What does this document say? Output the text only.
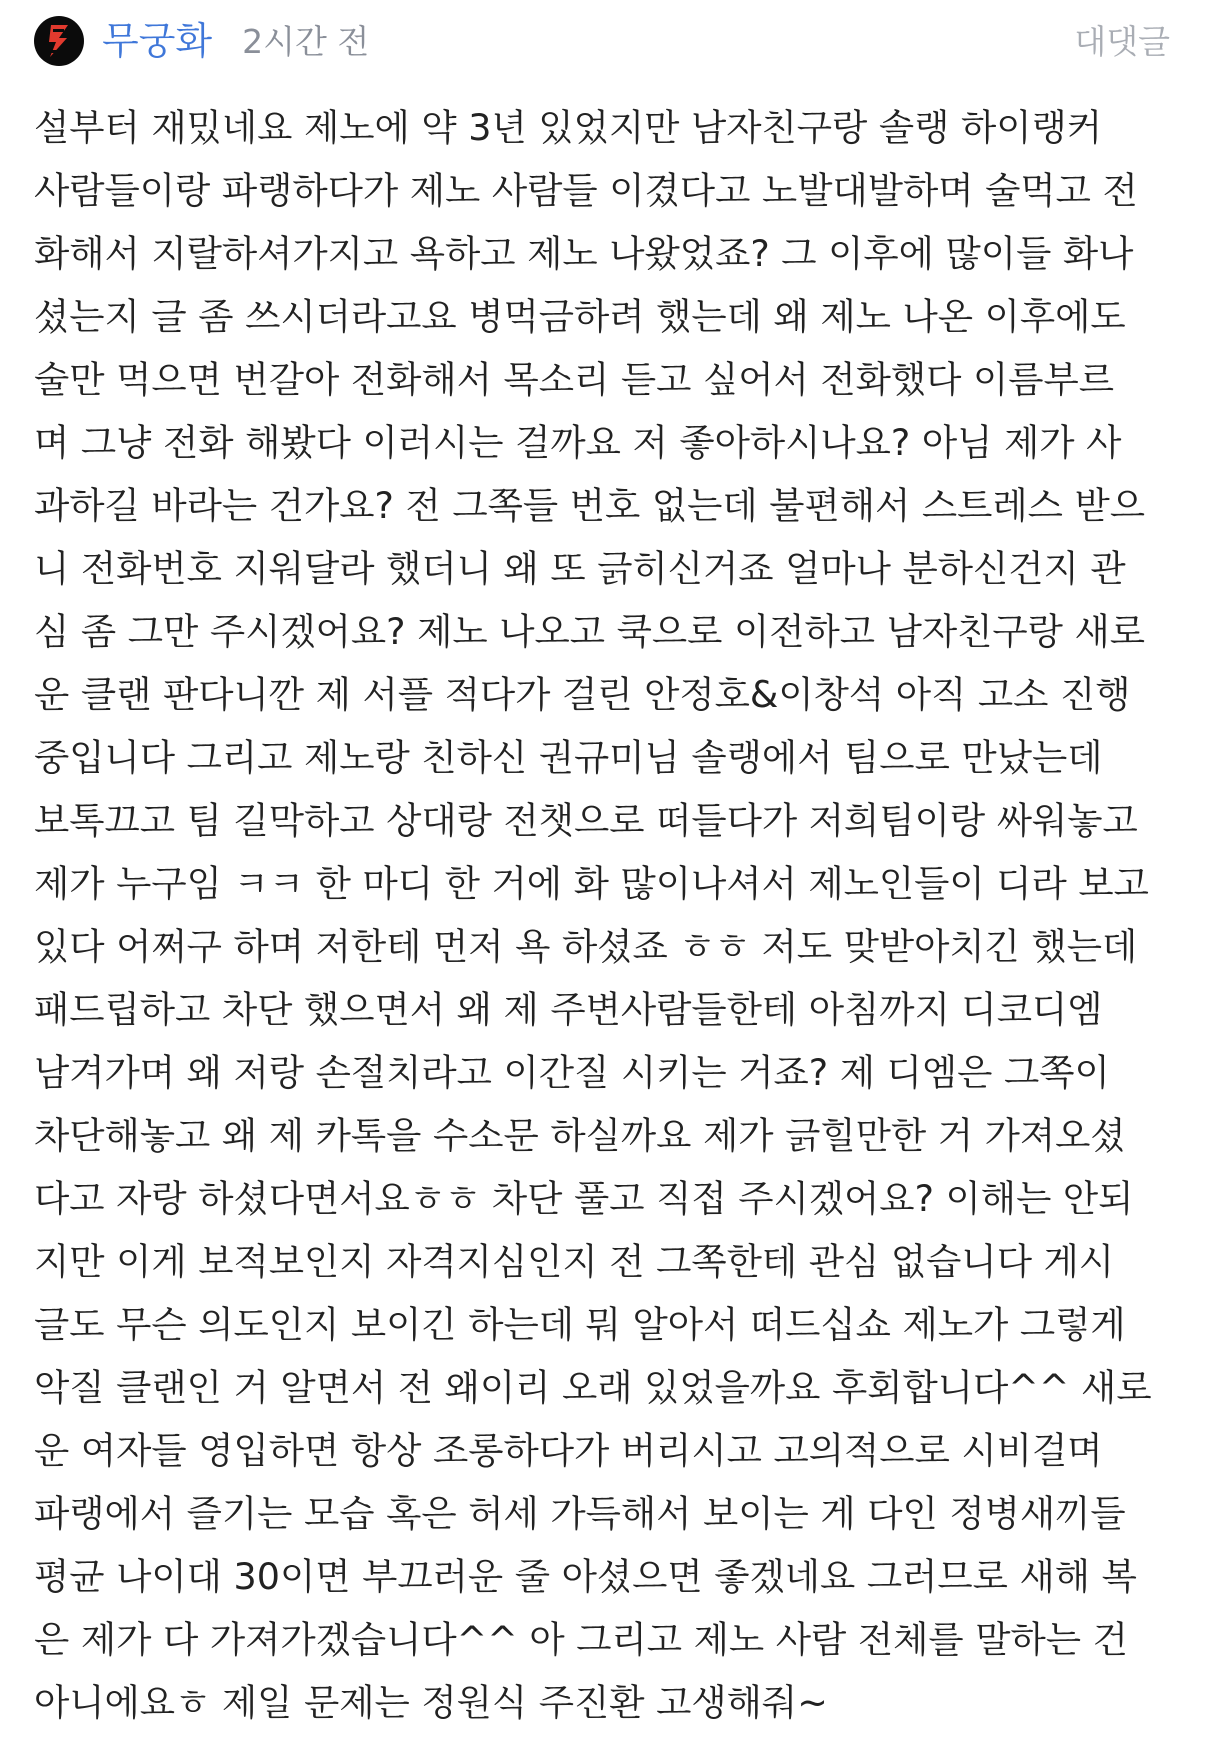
무궁화 2시간 전	대댓글

설부터 재밌네요 제노에 약 3년 있었지만 남자친구랑 솔랭 하이랭커
사람들이랑 파랭하다가 제노 사람들 이겼다고 노발대발하며 술먹고 전
화해서 지랄하셔가지고 욕하고 제노 나왔었죠? 그 이후에 많이들 화나
셨는지 글 좀 쓰시더라고요 병먹금하려 했는데 왜 제노 나온 이후에도
술만 먹으면 번갈아 전화해서 목소리 듣고 싶어서 전화했다 이름부르
며 그냥 전화 해봤다 이러시는 걸까요 저 좋아하시나요? 아님 제가 사
과하길 바라는 건가요? 전 그쪽들 번호 없는데 불편해서 스트레스 받으
니 전화번호 지워달라 했더니 왜 또 긁히신거죠 얼마나 분하신건지 관
심 좀 그만 주시겠어요? 제노 나오고 쿡으로 이전하고 남자친구랑 새로
운 클랜 판다니깐 제 서플 적다가 걸린 안정호&이창석 아직 고소 진행
중입니다 그리고 제노랑 친하신 권규미님 솔랭에서 팀으로 만났는데
보톡끄고 팀 길막하고 상대랑 전챗으로 떠들다가 저희팀이랑 싸워놓고
제가 누구임 ㅋㅋ 한 마디 한 거에 화 많이나셔서 제노인들이 디라 보고
있다 어쩌구 하며 저한테 먼저 욕 하셨죠 ㅎㅎ 저도 맞받아치긴 했는데
패드립하고 차단 했으면서 왜 제 주변사람들한테 아침까지 디코디엠
남겨가며 왜 저랑 손절치라고 이간질 시키는 거죠? 제 디엠은 그쪽이
차단해놓고 왜 제 카톡을 수소문 하실까요 제가 긁힐만한 거 가져오셨
다고 자랑 하셨다면서요ㅎㅎ 차단 풀고 직접 주시겠어요? 이해는 안되
지만 이게 보적보인지 자격지심인지 전 그쪽한테 관심 없습니다 게시
글도 무슨 의도인지 보이긴 하는데 뭐 알아서 떠드십쇼 제노가 그렇게
악질 클랜인 거 알면서 전 왜이리 오래 있었을까요 후회합니다^^ 새로
운 여자들 영입하면 항상 조롱하다가 버리시고 고의적으로 시비걸며
파랭에서 즐기는 모습 혹은 허세 가득해서 보이는 게 다인 정병새끼들
평균 나이대 30이면 부끄러운 줄 아셨으면 좋겠네요 그러므로 새해 복
은 제가 다 가져가겠습니다^^ 아 그리고 제노 사람 전체를 말하는 건
아니에요ㅎ 제일 문제는 정원식 주진환 고생해줘~
